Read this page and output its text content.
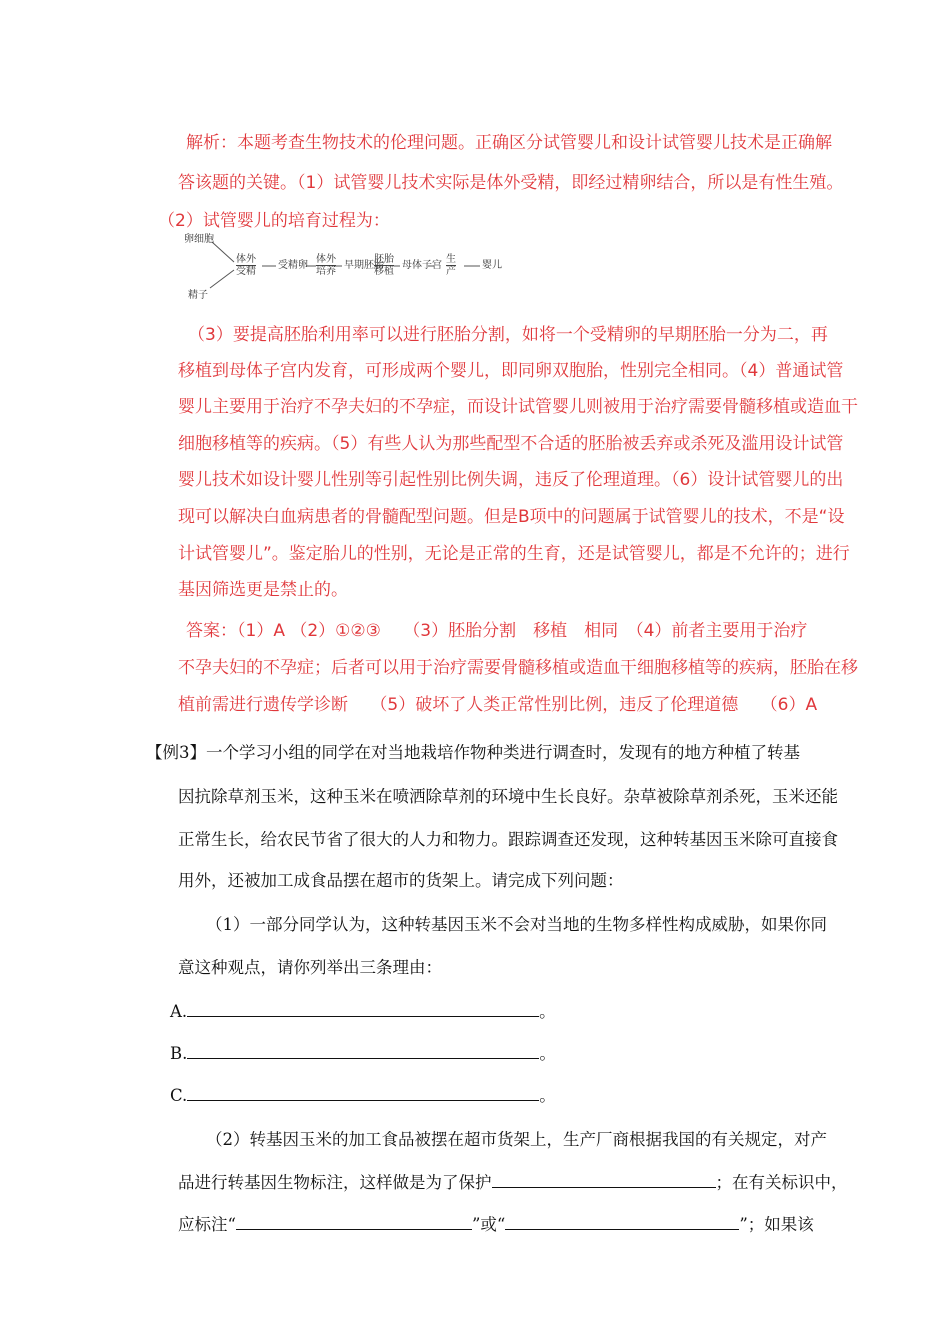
解析：本题考查生物技术的伦理问题。正确区分试管婴儿和设计试管婴儿技术是正确解
答该题的关键。（1）试管婴儿技术实际是体外受精，即经过精卵结合，所以是有性生殖。
（2）试管婴儿的培育过程为：
卵细胞
精子
体外
受精
受精卵
体外
培养
早期胚胎
胚胎
移植
母体子宫
生
产
婴儿
（3）要提高胚胎利用率可以进行胚胎分割，如将一个受精卵的早期胚胎一分为二，再
移植到母体子宫内发育，可形成两个婴儿，即同卵双胞胎，性别完全相同。（4）普通试管
婴儿主要用于治疗不孕夫妇的不孕症，而设计试管婴儿则被用于治疗需要骨髓移植或造血干
细胞移植等的疾病。（5）有些人认为那些配型不合适的胚胎被丢弃或杀死及滥用设计试管
婴儿技术如设计婴儿性别等引起性别比例失调，违反了伦理道理。（6）设计试管婴儿的出
现可以解决白血病患者的骨髓配型问题。但是B项中的问题属于试管婴儿的技术，不是“设
计试管婴儿”。鉴定胎儿的性别，无论是正常的生育，还是试管婴儿，都是不允许的；进行
基因筛选更是禁止的。
答案：（1）A （2）①②③　 （3）胚胎分割　移植　相同　（4）前者主要用于治疗
不孕夫妇的不孕症；后者可以用于治疗需要骨髓移植或造血干细胞移植等的疾病，胚胎在移
植前需进行遗传学诊断　 （5）破坏了人类正常性别比例，违反了伦理道德　 （6）A
【例3】一个学习小组的同学在对当地栽培作物种类进行调查时，发现有的地方种植了转基
因抗除草剂玉米，这种玉米在喷洒除草剂的环境中生长良好。杂草被除草剂杀死，玉米还能
正常生长，给农民节省了很大的人力和物力。跟踪调查还发现，这种转基因玉米除可直接食
用外，还被加工成食品摆在超市的货架上。请完成下列问题：
（1）一部分同学认为，这种转基因玉米不会对当地的生物多样性构成威胁，如果你同
意这种观点，请你列举出三条理由：
A.	。
B.	。
C.	。
（2）转基因玉米的加工食品被摆在超市货架上，生产厂商根据我国的有关规定，对产
品进行转基因生物标注，这样做是为了保护	；在有关标识中，
应标注“	”或“	”；如果该
